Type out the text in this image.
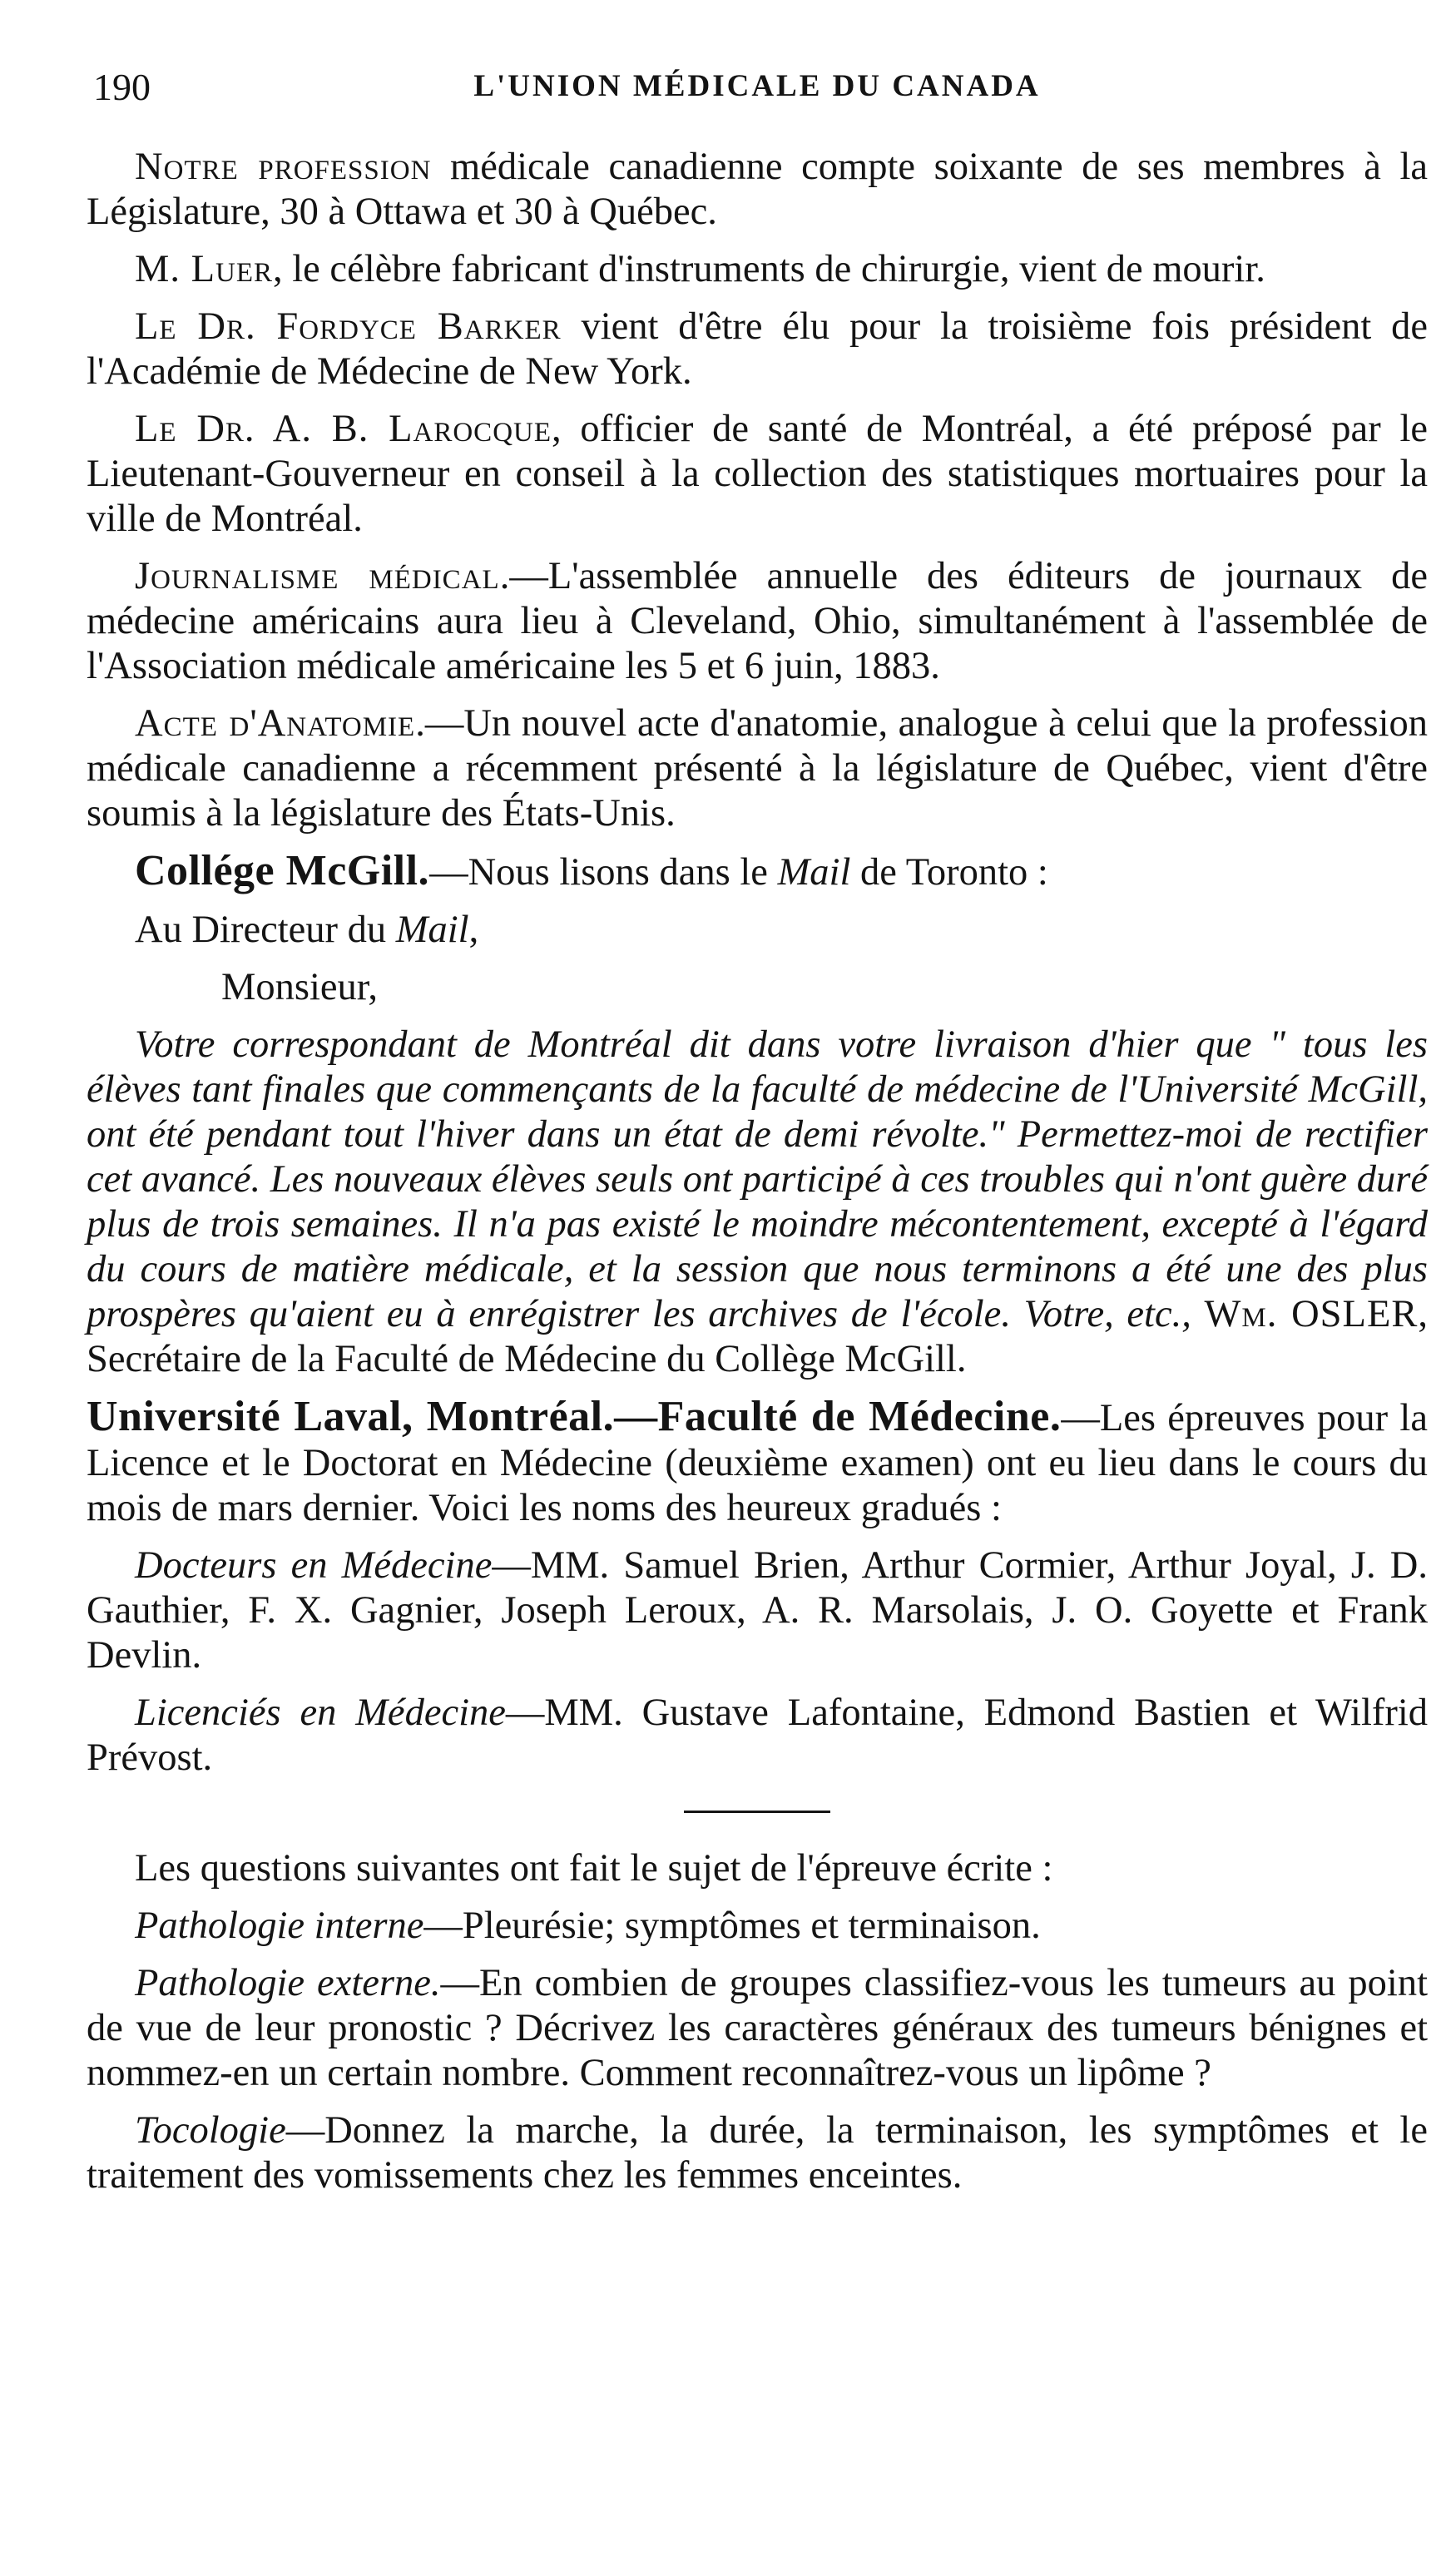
190	L'UNION MÉDICALE DU CANADA

Notre profession médicale canadienne compte soixante de ses membres à la Législature, 30 à Ottawa et 30 à Québec.

M. Luer, le célèbre fabricant d'instruments de chirurgie, vient de mourir.

Le Dr. Fordyce Barker vient d'être élu pour la troisième fois président de l'Académie de Médecine de New York.

Le Dr. A. B. Larocque, officier de santé de Montréal, a été préposé par le Lieutenant-Gouverneur en conseil à la collection des statistiques mortuaires pour la ville de Montréal.

Journalisme médical.—L'assemblée annuelle des éditeurs de journaux de médecine américains aura lieu à Cleveland, Ohio, simultanément à l'assemblée de l'Association médicale américaine les 5 et 6 juin, 1883.

Acte d'Anatomie.—Un nouvel acte d'anatomie, analogue à celui que la profession médicale canadienne a récemment présenté à la législature de Québec, vient d'être soumis à la législature des États-Unis.

Collége McGill.—Nous lisons dans le Mail de Toronto :

Au Directeur du Mail,

Monsieur,

Votre correspondant de Montréal dit dans votre livraison d'hier que " tous les élèves tant finales que commençants de la faculté de médecine de l'Université McGill, ont été pendant tout l'hiver dans un état de demi révolte." Permettez-moi de rectifier cet avancé. Les nouveaux élèves seuls ont participé à ces troubles qui n'ont guère duré plus de trois semaines. Il n'a pas existé le moindre mécontentement, excepté à l'égard du cours de matière médicale, et la session que nous terminons a été une des plus prospères qu'aient eu à enrégistrer les archives de l'école. Votre, etc., Wm. OSLER, Secrétaire de la Faculté de Médecine du Collège McGill.

Université Laval, Montréal.—Faculté de Médecine.—Les épreuves pour la Licence et le Doctorat en Médecine (deuxième examen) ont eu lieu dans le cours du mois de mars dernier. Voici les noms des heureux gradués :

Docteurs en Médecine—MM. Samuel Brien, Arthur Cormier, Arthur Joyal, J. D. Gauthier, F. X. Gagnier, Joseph Leroux, A. R. Marsolais, J. O. Goyette et Frank Devlin.

Licenciés en Médecine—MM. Gustave Lafontaine, Edmond Bastien et Wilfrid Prévost.

Les questions suivantes ont fait le sujet de l'épreuve écrite :

Pathologie interne—Pleurésie; symptômes et terminaison.

Pathologie externe.—En combien de groupes classifiez-vous les tumeurs au point de vue de leur pronostic ? Décrivez les caractères généraux des tumeurs bénignes et nommez-en un certain nombre. Comment reconnaîtrez-vous un lipôme ?

Tocologie—Donnez la marche, la durée, la terminaison, les symptômes et le traitement des vomissements chez les femmes enceintes.
